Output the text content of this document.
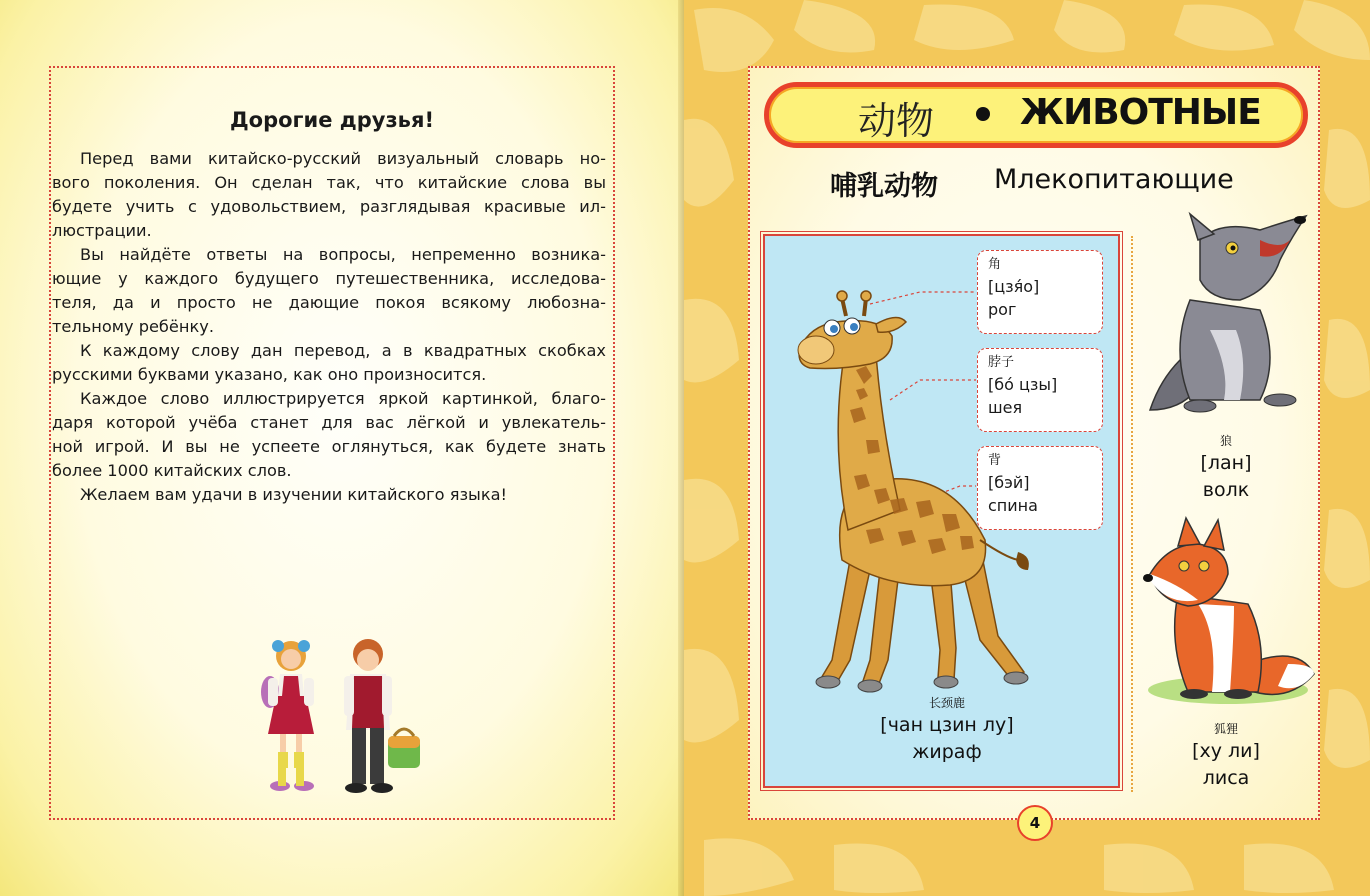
Дорогие друзья!

Перед вами китайско-русский визуальный словарь но-

вого поколения. Он сделан так, что китайские слова вы

будете учить с удовольствием, разглядывая красивые ил-

люстрации.

Вы найдёте ответы на вопросы, непременно возника-

ющие у каждого будущего путешественника, исследова-

теля, да и просто не дающие покоя всякому любозна-

тельному ребёнку.

К каждому слову дан перевод, а в квадратных скобках

русскими буквами указано, как оно произносится.

Каждое слово иллюстрируется яркой картинкой, благо-

даря которой учёба станет для вас лёгкой и увлекатель-

ной игрой. И вы не успеете оглянуться, как будете знать

более 1000 китайских слов.

Желаем вам удачи в изучении китайского языка!

动物 ЖИВОТНЫЕ
哺乳动物 Млекопитающие
角
[цзя́о]
рог
脖子
[бо́ цзы]
шея
背
[бэй]
спина
长颈鹿
[чан цзин лу]
жираф
狼
[лан]
волк
狐狸
[ху ли]
лиса
4
